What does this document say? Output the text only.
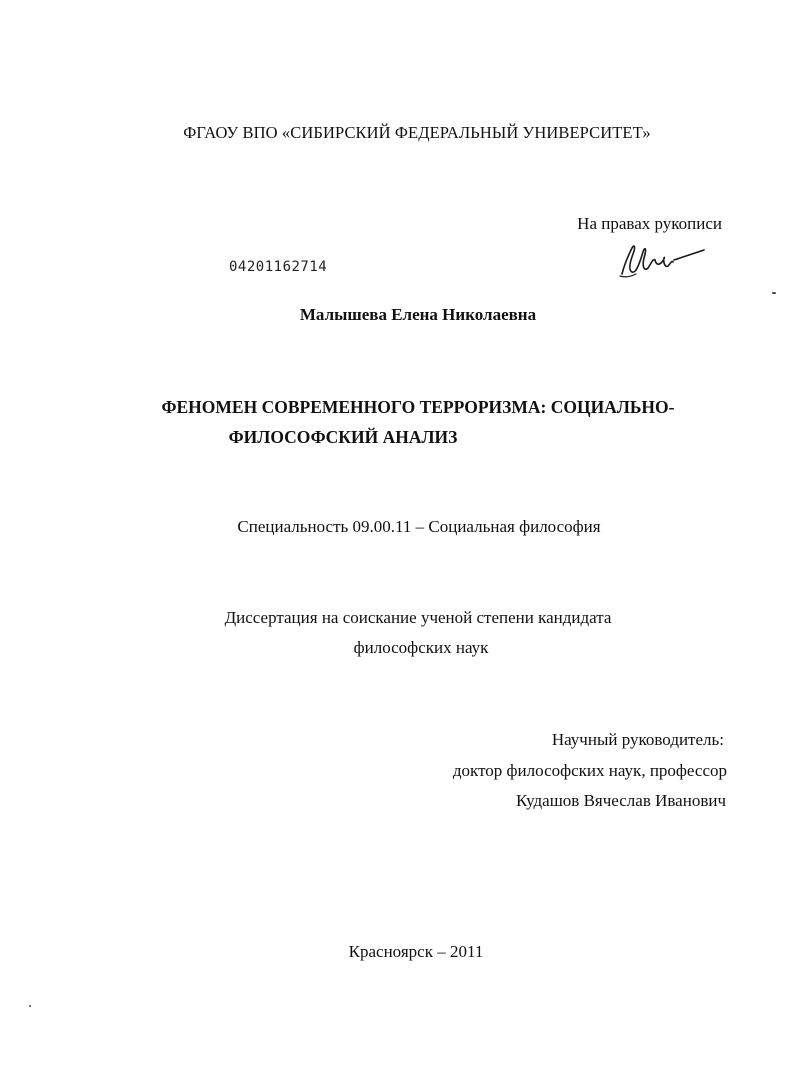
ФГАОУ ВПО «СИБИРСКИЙ ФЕДЕРАЛЬНЫЙ УНИВЕРСИТЕТ»
На правах рукописи
04201162714
Малышева Елена Николаевна
ФЕНОМЕН СОВРЕМЕННОГО ТЕРРОРИЗМА: СОЦИАЛЬНО-
ФИЛОСОФСКИЙ АНАЛИЗ
Специальность 09.00.11 – Социальная философия
Диссертация на соискание ученой степени кандидата
философских наук
Научный руководитель:
доктор философских наук, профессор
Кудашов Вячеслав Иванович
Красноярск – 2011
